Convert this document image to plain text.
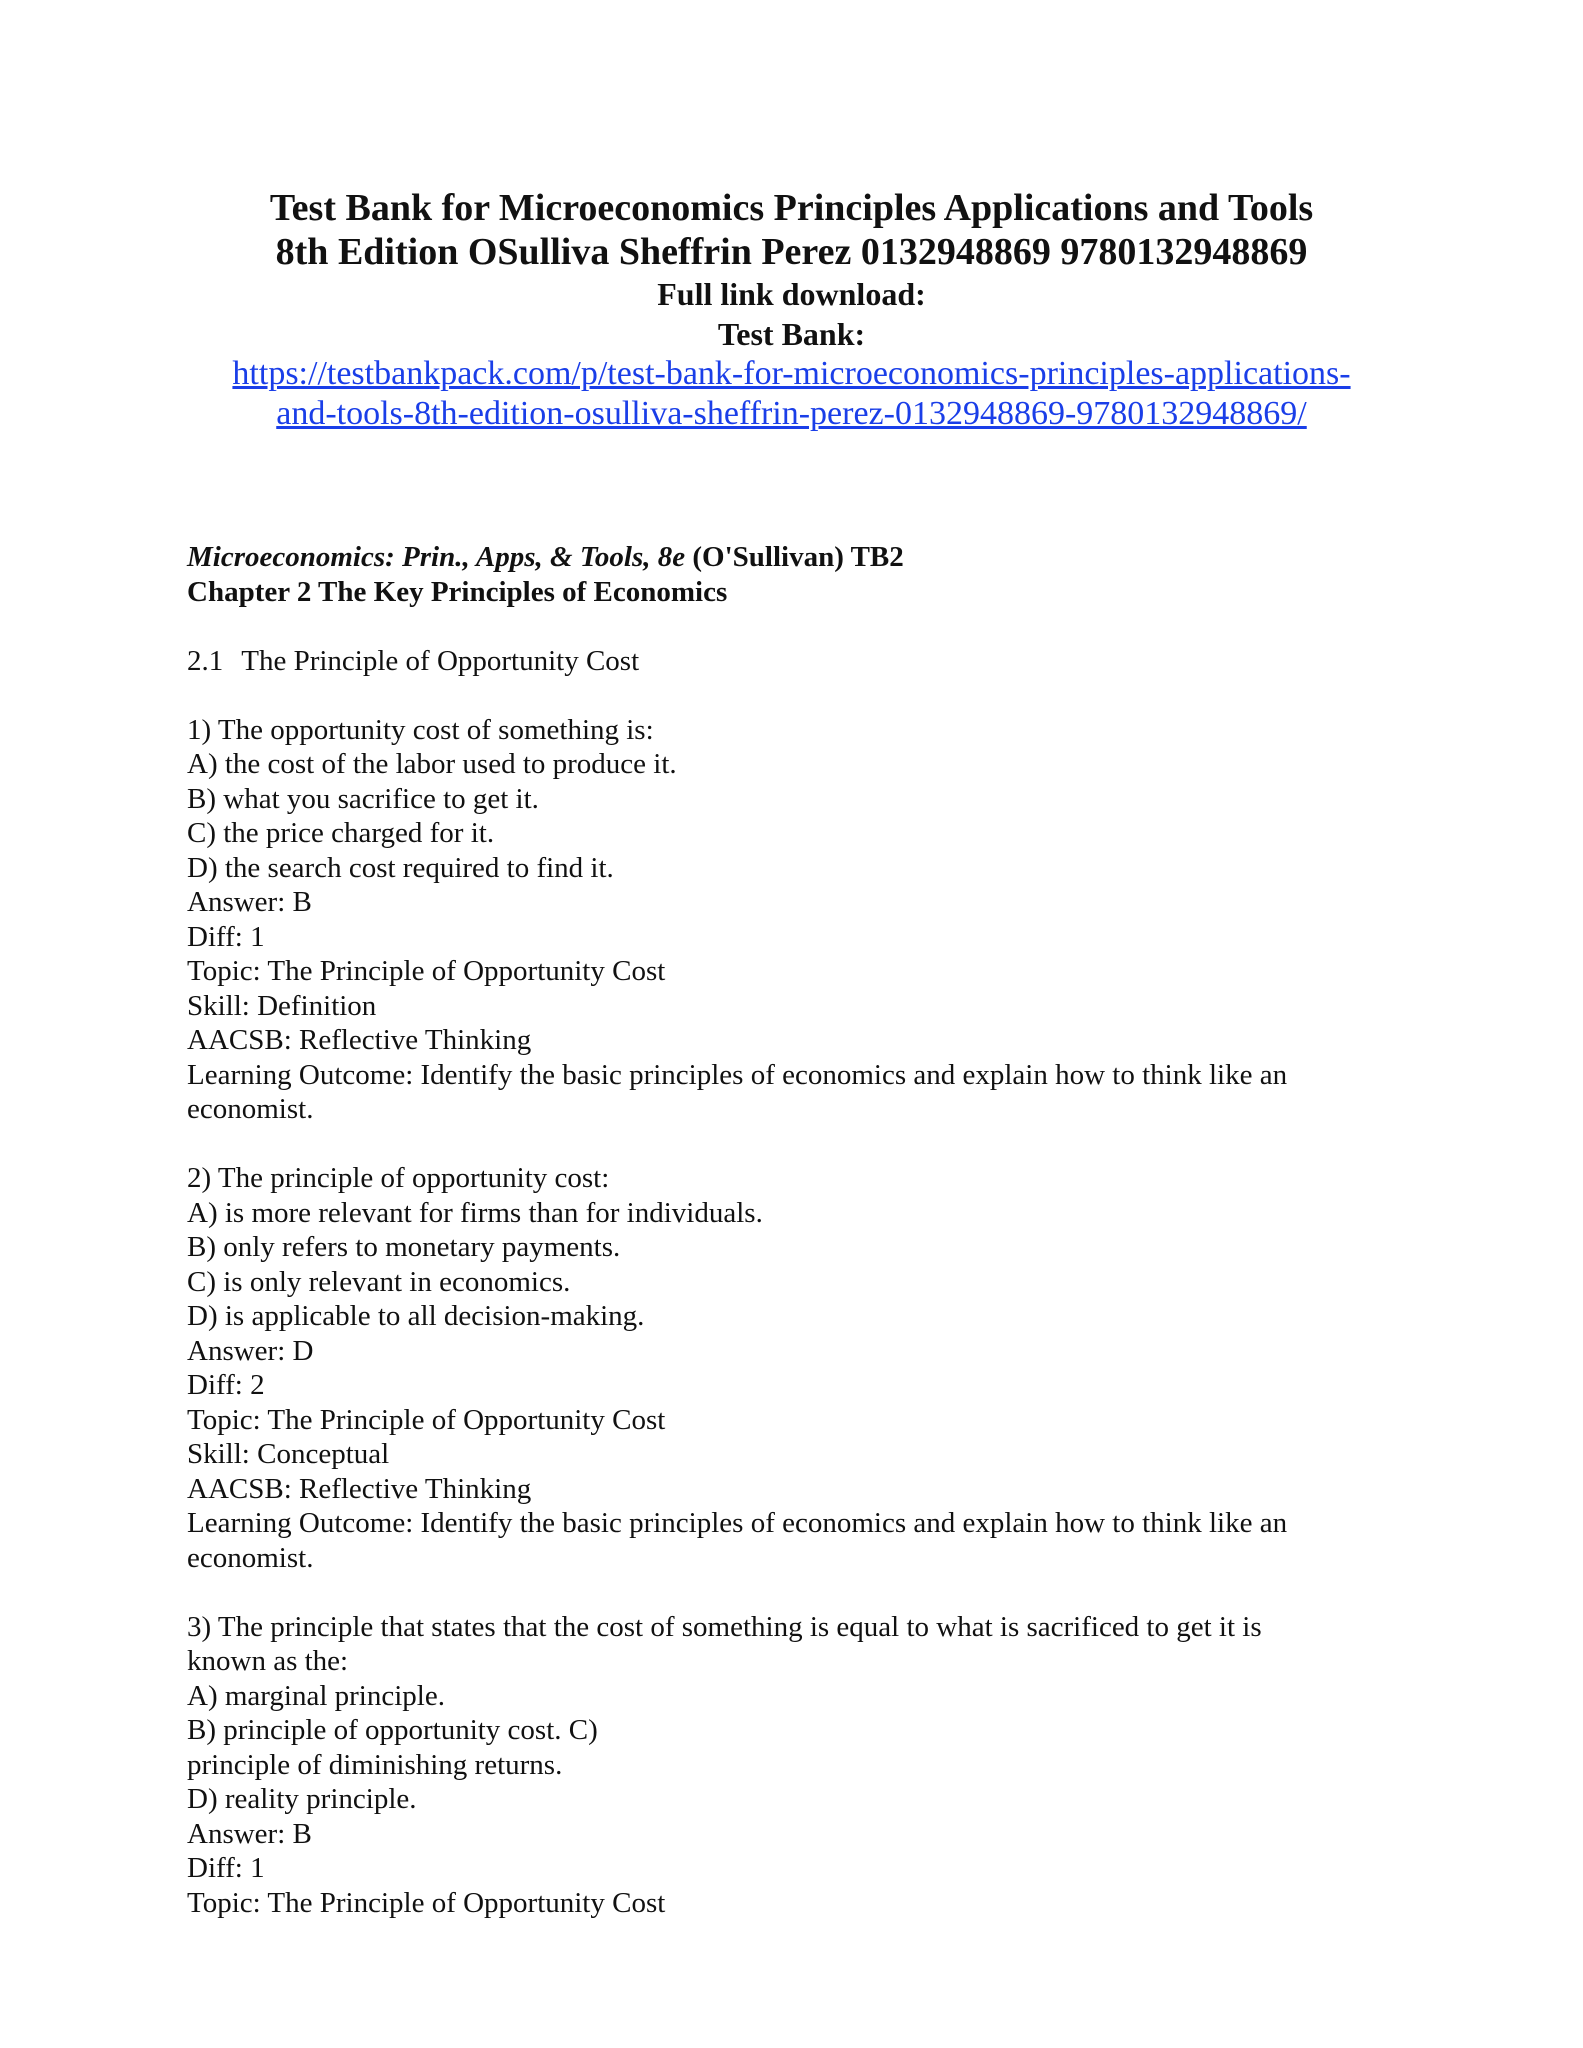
Test Bank for Microeconomics Principles Applications and Tools
8th Edition OSulliva Sheffrin Perez 0132948869 9780132948869
Full link download:
Test Bank:
https://testbankpack.com/p/test-bank-for-microeconomics-principles-applications-
and-tools-8th-edition-osulliva-sheffrin-perez-0132948869-9780132948869/
Microeconomics: Prin., Apps, & Tools, 8e (O'Sullivan) TB2
Chapter 2 The Key Principles of Economics
2.1 The Principle of Opportunity Cost
1) The opportunity cost of something is:
A) the cost of the labor used to produce it.
B) what you sacrifice to get it.
C) the price charged for it.
D) the search cost required to find it.
Answer: B
Diff: 1
Topic: The Principle of Opportunity Cost
Skill: Definition
AACSB: Reflective Thinking
Learning Outcome: Identify the basic principles of economics and explain how to think like an
economist.
2) The principle of opportunity cost:
A) is more relevant for firms than for individuals.
B) only refers to monetary payments.
C) is only relevant in economics.
D) is applicable to all decision-making.
Answer: D
Diff: 2
Topic: The Principle of Opportunity Cost
Skill: Conceptual
AACSB: Reflective Thinking
Learning Outcome: Identify the basic principles of economics and explain how to think like an
economist.
3) The principle that states that the cost of something is equal to what is sacrificed to get it is
known as the:
A) marginal principle.
B) principle of opportunity cost. C)
principle of diminishing returns.
D) reality principle.
Answer: B
Diff: 1
Topic: The Principle of Opportunity Cost
